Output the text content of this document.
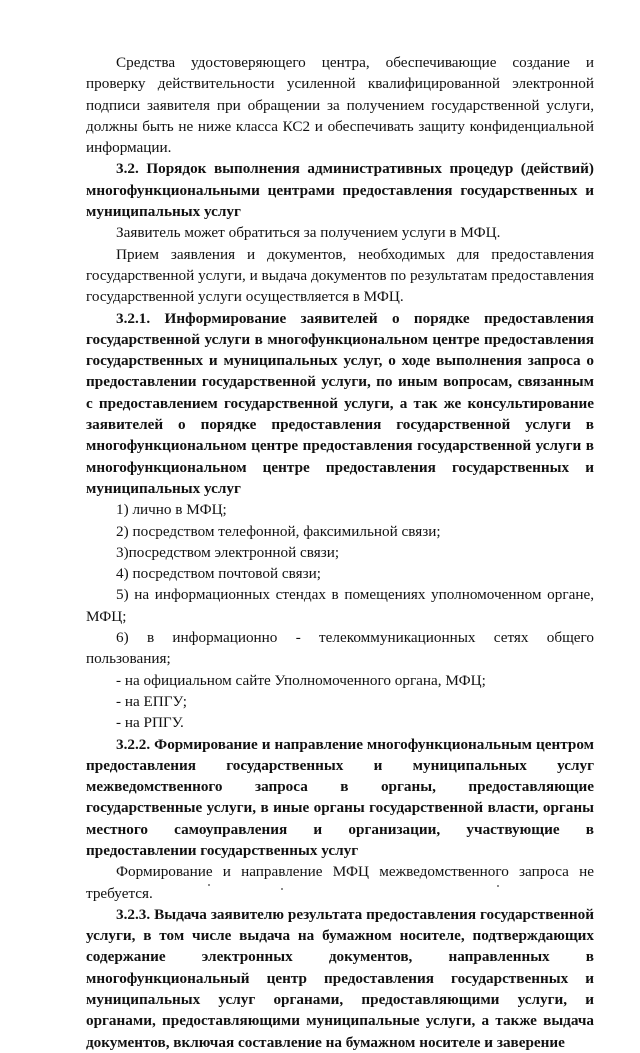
Средства удостоверяющего центра, обеспечивающие создание и проверку действительности усиленной квалифицированной электронной подписи заявителя при обращении за получением государственной услуги, должны быть не ниже класса КС2 и обеспечивать защиту конфиденциальной информации.

3.2. Порядок выполнения административных процедур (действий) многофункциональными центрами предоставления государственных и муниципальных услуг

Заявитель может обратиться за получением услуги в МФЦ.

Прием заявления и документов, необходимых для предоставления государственной услуги, и выдача документов по результатам предоставления государственной услуги осуществляется в МФЦ.

3.2.1. Информирование заявителей о порядке предоставления государственной услуги в многофункциональном центре предоставления государственных и муниципальных услуг, о ходе выполнения запроса о предоставлении государственной услуги, по иным вопросам, связанным с предоставлением государственной услуги, а так же консультирование заявителей о порядке предоставления государственной услуги в многофункциональном центре предоставления государственной услуги в многофункциональном центре предоставления государственных и муниципальных услуг

1) лично в МФЦ;

2) посредством телефонной, факсимильной связи;

3)посредством электронной связи;

4) посредством почтовой связи;

5) на информационных стендах в помещениях уполномоченном органе, МФЦ;

6) в информационно - телекоммуникационных сетях общего пользования;

- на официальном сайте Уполномоченного органа, МФЦ;

- на ЕПГУ;

- на РПГУ.

3.2.2. Формирование и направление многофункциональным центром предоставления государственных и муниципальных услуг межведомственного запроса в органы, предоставляющие государственные услуги, в иные органы государственной власти, органы местного самоуправления и организации, участвующие в предоставлении государственных услуг

Формирование и направление МФЦ межведомственного запроса не требуется.

3.2.3. Выдача заявителю результата предоставления государственной услуги, в том числе выдача на бумажном носителе, подтверждающих содержание электронных документов, направленных в многофункциональный центр предоставления государственных и муниципальных услуг органами, предоставляющими услуги, и органами, предоставляющими муниципальные услуги, а также выдача документов, включая составление на бумажном носителе и заверение
